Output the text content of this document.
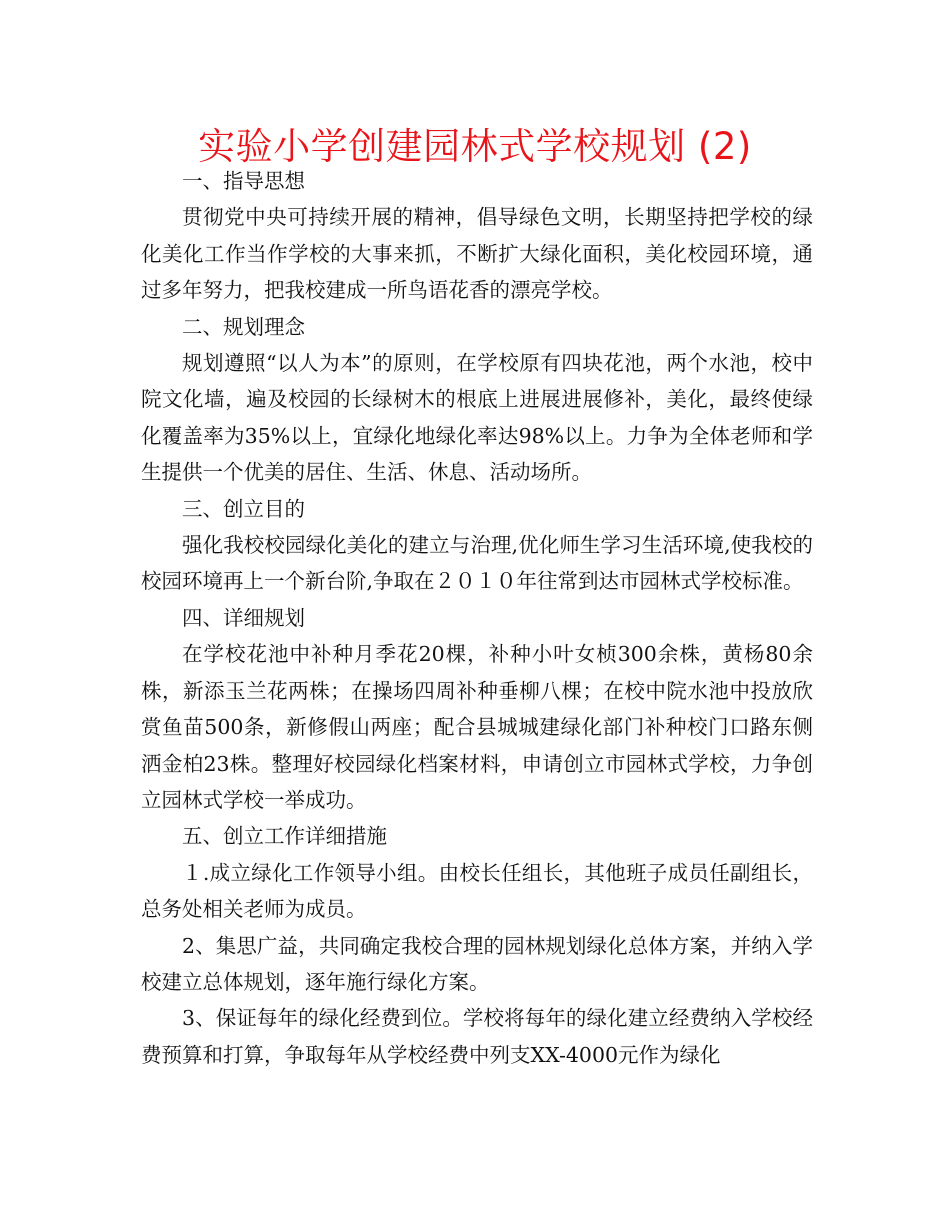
实验小学创建园林式学校规划 (2)

一、指导思想

贯彻党中央可持续开展的精神，倡导绿色文明，长期坚持把学校的绿化美化工作当作学校的大事来抓，不断扩大绿化面积，美化校园环境，通过多年努力，把我校建成一所鸟语花香的漂亮学校。

二、规划理念

规划遵照“以人为本”的原则，在学校原有四块花池，两个水池，校中院文化墙，遍及校园的长绿树木的根底上进展进展修补，美化，最终使绿化覆盖率为35%以上，宜绿化地绿化率达98%以上。力争为全体老师和学生提供一个优美的居住、生活、休息、活动场所。

三、创立目的

强化我校校园绿化美化的建立与治理,优化师生学习生活环境,使我校的校园环境再上一个新台阶,争取在２０１０年往常到达市园林式学校标准。

四、详细规划

在学校花池中补种月季花20棵，补种小叶女桢300余株，黄杨80余株，新添玉兰花两株；在操场四周补种垂柳八棵；在校中院水池中投放欣赏鱼苗500条，新修假山两座；配合县城城建绿化部门补种校门口路东侧洒金柏23株。整理好校园绿化档案材料，申请创立市园林式学校，力争创立园林式学校一举成功。

五、创立工作详细措施

１.成立绿化工作领导小组。由校长任组长，其他班子成员任副组长，总务处相关老师为成员。

2、集思广益，共同确定我校合理的园林规划绿化总体方案，并纳入学校建立总体规划，逐年施行绿化方案。

3、保证每年的绿化经费到位。学校将每年的绿化建立经费纳入学校经费预算和打算，争取每年从学校经费中列支XX-4000元作为绿化
